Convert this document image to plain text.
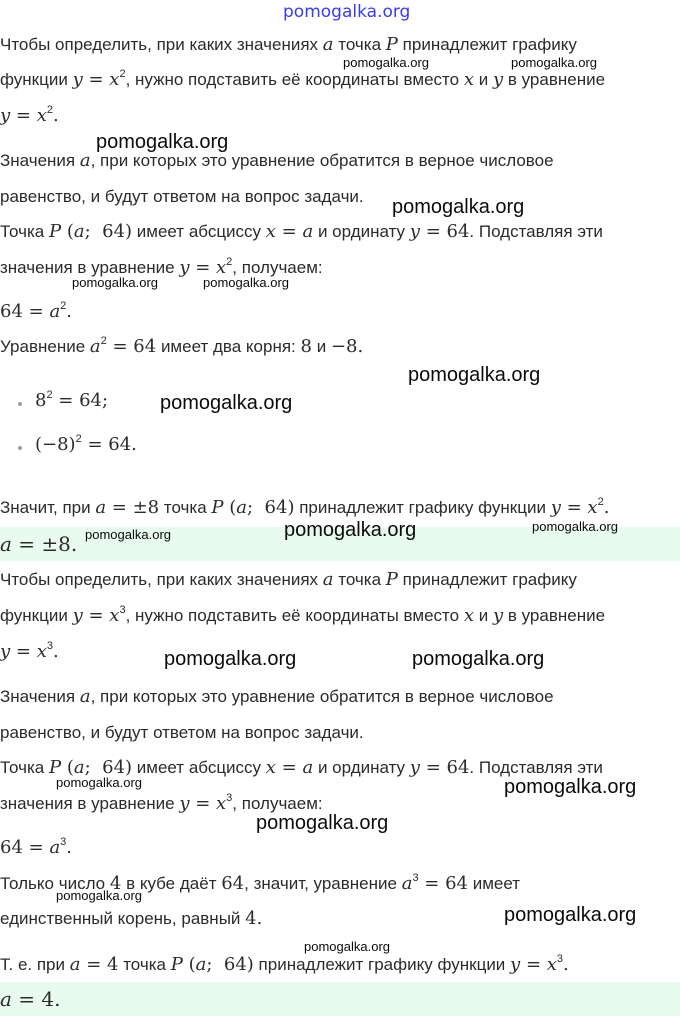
pomogalka.org
Чтобы определить, при каких значениях a точка P принадлежит графику
функции $y = x^2$, нужно подставить её координаты вместо x и y в уравнение
$y = x^2$.
Значения a, при которых это уравнение обратится в верное числовое
равенство, и будут ответом на вопрос задачи.
Точка P (a;  64) имеет абсциссу x = a и ординату y = 64. Подставляя эти
значения в уравнение $y = x^2$, получаем:
$64 = a^2$.
Уравнение $a^2 = 64$ имеет два корня: 8 и −8.
$8^2 = 64$;
$(-8)^2 = 64$.
Значит, при a = ±8 точка P (a;  64) принадлежит графику функции $y = x^2$.
a = ±8.
Чтобы определить, при каких значениях a точка P принадлежит графику
функции $y = x^3$, нужно подставить её координаты вместо x и y в уравнение
$y = x^3$.
Значения a, при которых это уравнение обратится в верное числовое
равенство, и будут ответом на вопрос задачи.
Точка P (a;  64) имеет абсциссу x = a и ординату y = 64. Подставляя эти
значения в уравнение $y = x^3$, получаем:
$64 = a^3$.
Только число 4 в кубе даёт 64, значит, уравнение $a^3 = 64$ имеет
единственный корень, равный 4.
Т. е. при a = 4 точка P (a;  64) принадлежит графику функции $y = x^3$.
a = 4.
pomogalka.org	pomogalka.org
pomogalka.org
pomogalka.org
pomogalka.org	pomogalka.org
pomogalka.org
pomogalka.org
pomogalka.org	pomogalka.org	pomogalka.org
pomogalka.org	pomogalka.org
pomogalka.org	pomogalka.org
pomogalka.org
pomogalka.org
pomogalka.org
pomogalka.org
